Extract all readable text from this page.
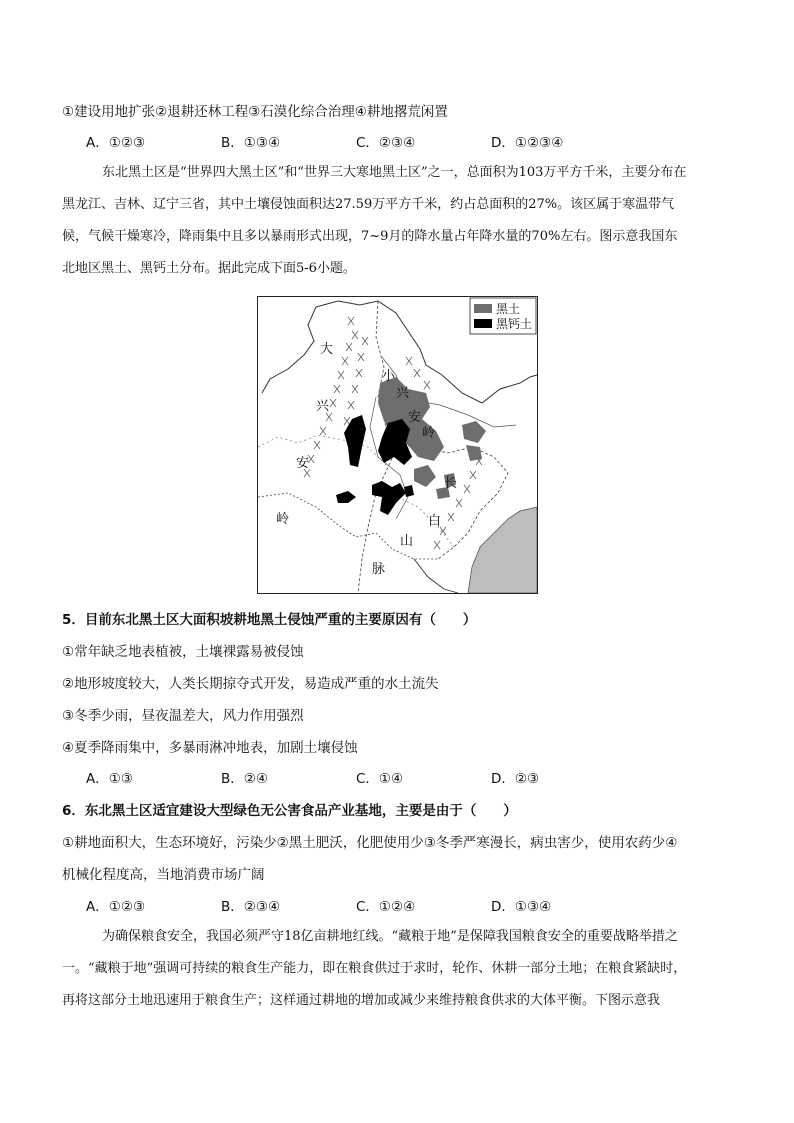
①建设用地扩张②退耕还林工程③石漠化综合治理④耕地撂荒闲置
A．①②③	B．①③④	C．②③④	D．①②③④
东北黑土区是“世界四大黑土区”和“世界三大寒地黑土区”之一，总面积为103万平方千米，主要分布在
黑龙江、吉林、辽宁三省，其中土壤侵蚀面积达27.59万平方千米，约占总面积的27%。该区属于寒温带气
候，气候干燥寒冷，降雨集中且多以暴雨形式出现，7~9月的降水量占年降水量的70%左右。图示意我国东
北地区黑土、黑钙土分布。据此完成下面5-6小题。
大
兴
安
岭
小
兴
安
岭
长
白
山
脉
黑土
黑钙土
5．目前东北黑土区大面积坡耕地黑土侵蚀严重的主要原因有（　　）
①常年缺乏地表植被，土壤裸露易被侵蚀
②地形坡度较大，人类长期掠夺式开发，易造成严重的水土流失
③冬季少雨，昼夜温差大，风力作用强烈
④夏季降雨集中，多暴雨淋冲地表，加剧土壤侵蚀
A．①③	B．②④	C．①④	D．②③
6．东北黑土区适宜建设大型绿色无公害食品产业基地，主要是由于（　　）
①耕地面积大，生态环境好，污染少②黑土肥沃，化肥使用少③冬季严寒漫长，病虫害少，使用农药少④
机械化程度高，当地消费市场广阔
A．①②③	B．②③④	C．①②④	D．①③④
为确保粮食安全，我国必须严守18亿亩耕地红线。“藏粮于地”是保障我国粮食安全的重要战略举措之
一。“藏粮于地”强调可持续的粮食生产能力，即在粮食供过于求时，轮作、休耕一部分土地；在粮食紧缺时，
再将这部分土地迅速用于粮食生产；这样通过耕地的增加或减少来维持粮食供求的大体平衡。下图示意我
